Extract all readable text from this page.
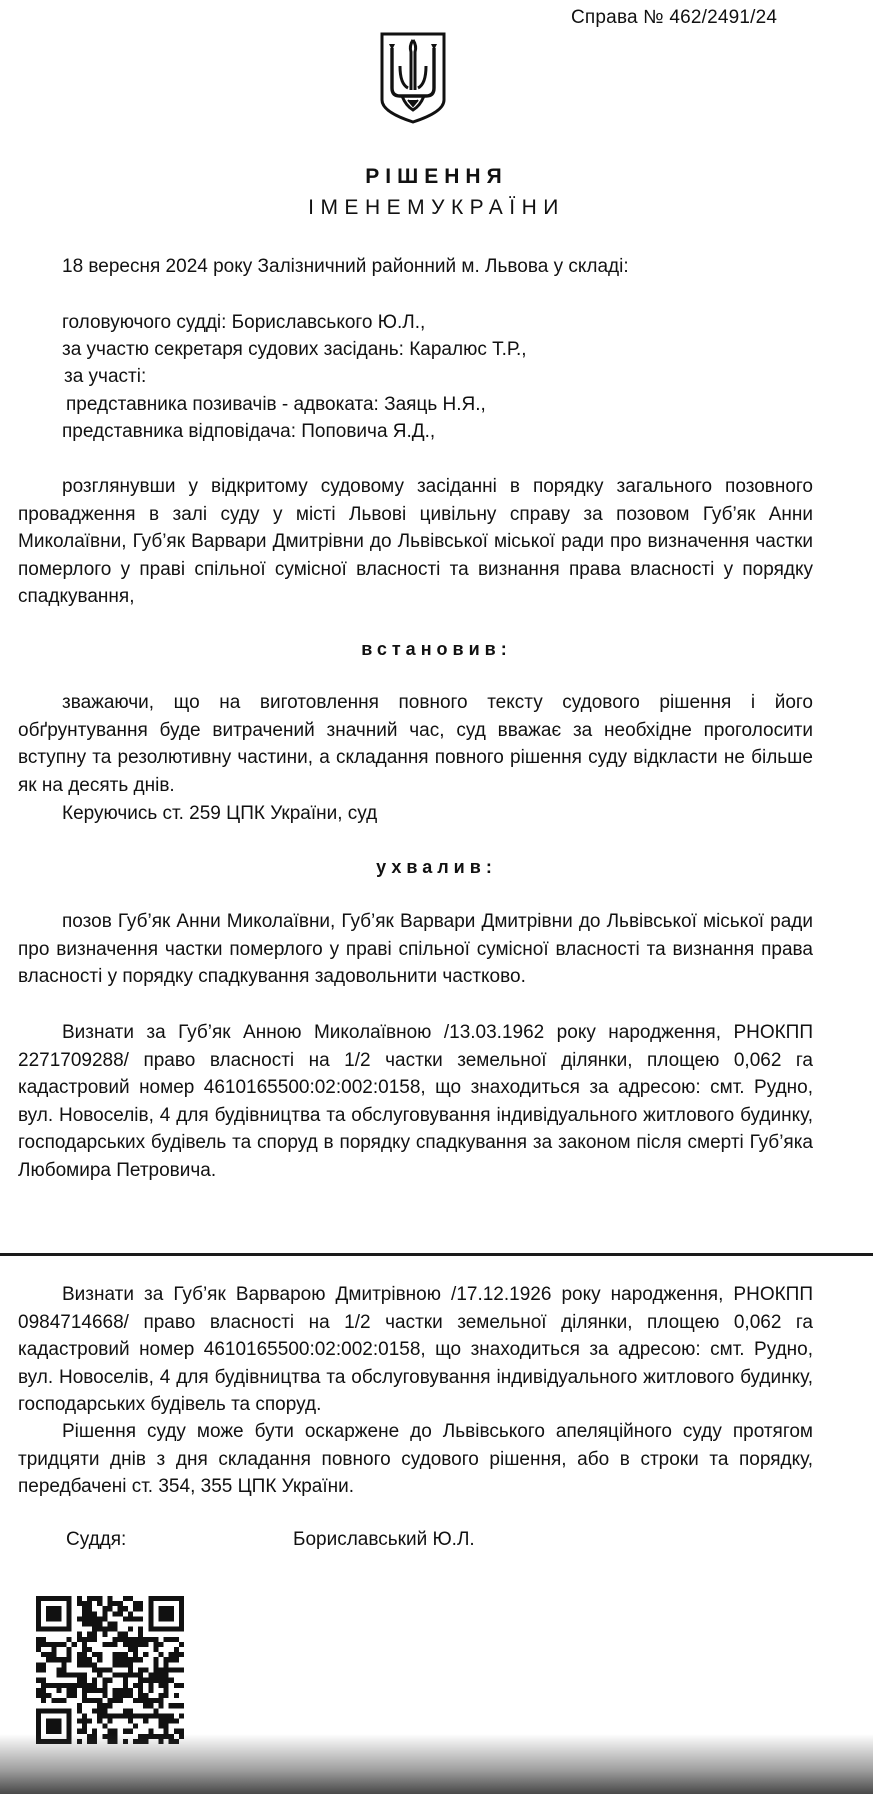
Справа № 462/2491/24
РІШЕННЯ
ІМЕНЕМУКРАЇНИ
18 вересня 2024 року Залізничний районний м. Львова у складі:
головуючого судді: Бориславського Ю.Л.,
за участю секретаря судових засідань: Каралюс Т.Р.,
за участі:
представника позивачів - адвоката: Заяць Н.Я.,
представника відповідача: Поповича Я.Д.,

розглянувши у відкритому судовому засіданні в порядку загального позовного провадження в залі суду у місті Львові цивільну справу за позовом Губ’як Анни Миколаївни, Губ’як Варвари Дмитрівни до Львівської міської ради про визначення частки померлого у праві спільної сумісної власності та визнання права власності у порядку спадкування,

встановив:

зважаючи, що на виготовлення повного тексту судового рішення і його обґрунтування буде витрачений значний час, суд вважає за необхідне проголосити вступну та резолютивну частини, а складання повного рішення суду відкласти не більше як на десять днів.

Керуючись ст. 259 ЦПК України, суд
ухвалив:

позов Губ’як Анни Миколаївни, Губ’як Варвари Дмитрівни до Львівської міської ради про визначення частки померлого у праві спільної сумісної власності та визнання права власності у порядку спадкування задовольнити частково.

Визнати за Губ’як Анною Миколаївною /13.03.1962 року народження, РНОКПП 2271709288/ право власності на 1/2 частки земельної ділянки, площею 0,062 га кадастровий номер 4610165500:02:002:0158, що знаходиться за адресою: смт. Рудно, вул. Новоселів, 4 для будівництва та обслуговування індивідуального житлового будинку, господарських будівель та споруд в порядку спадкування за законом після смерті Губ’яка Любомира Петровича.

Визнати за Губ’як Варварою Дмитрівною /17.12.1926 року народження, РНОКПП 0984714668/ право власності на 1/2 частки земельної ділянки, площею 0,062 га кадастровий номер 4610165500:02:002:0158, що знаходиться за адресою: смт. Рудно, вул. Новоселів, 4 для будівництва та обслуговування індивідуального житлового будинку, господарських будівель та споруд.

Рішення суду може бути оскаржене до Львівського апеляційного суду протягом тридцяти днів з дня складання повного судового рішення, або в строки та порядку, передбачені ст. 354, 355 ЦПК України.

Суддя:	Бориславський Ю.Л.
